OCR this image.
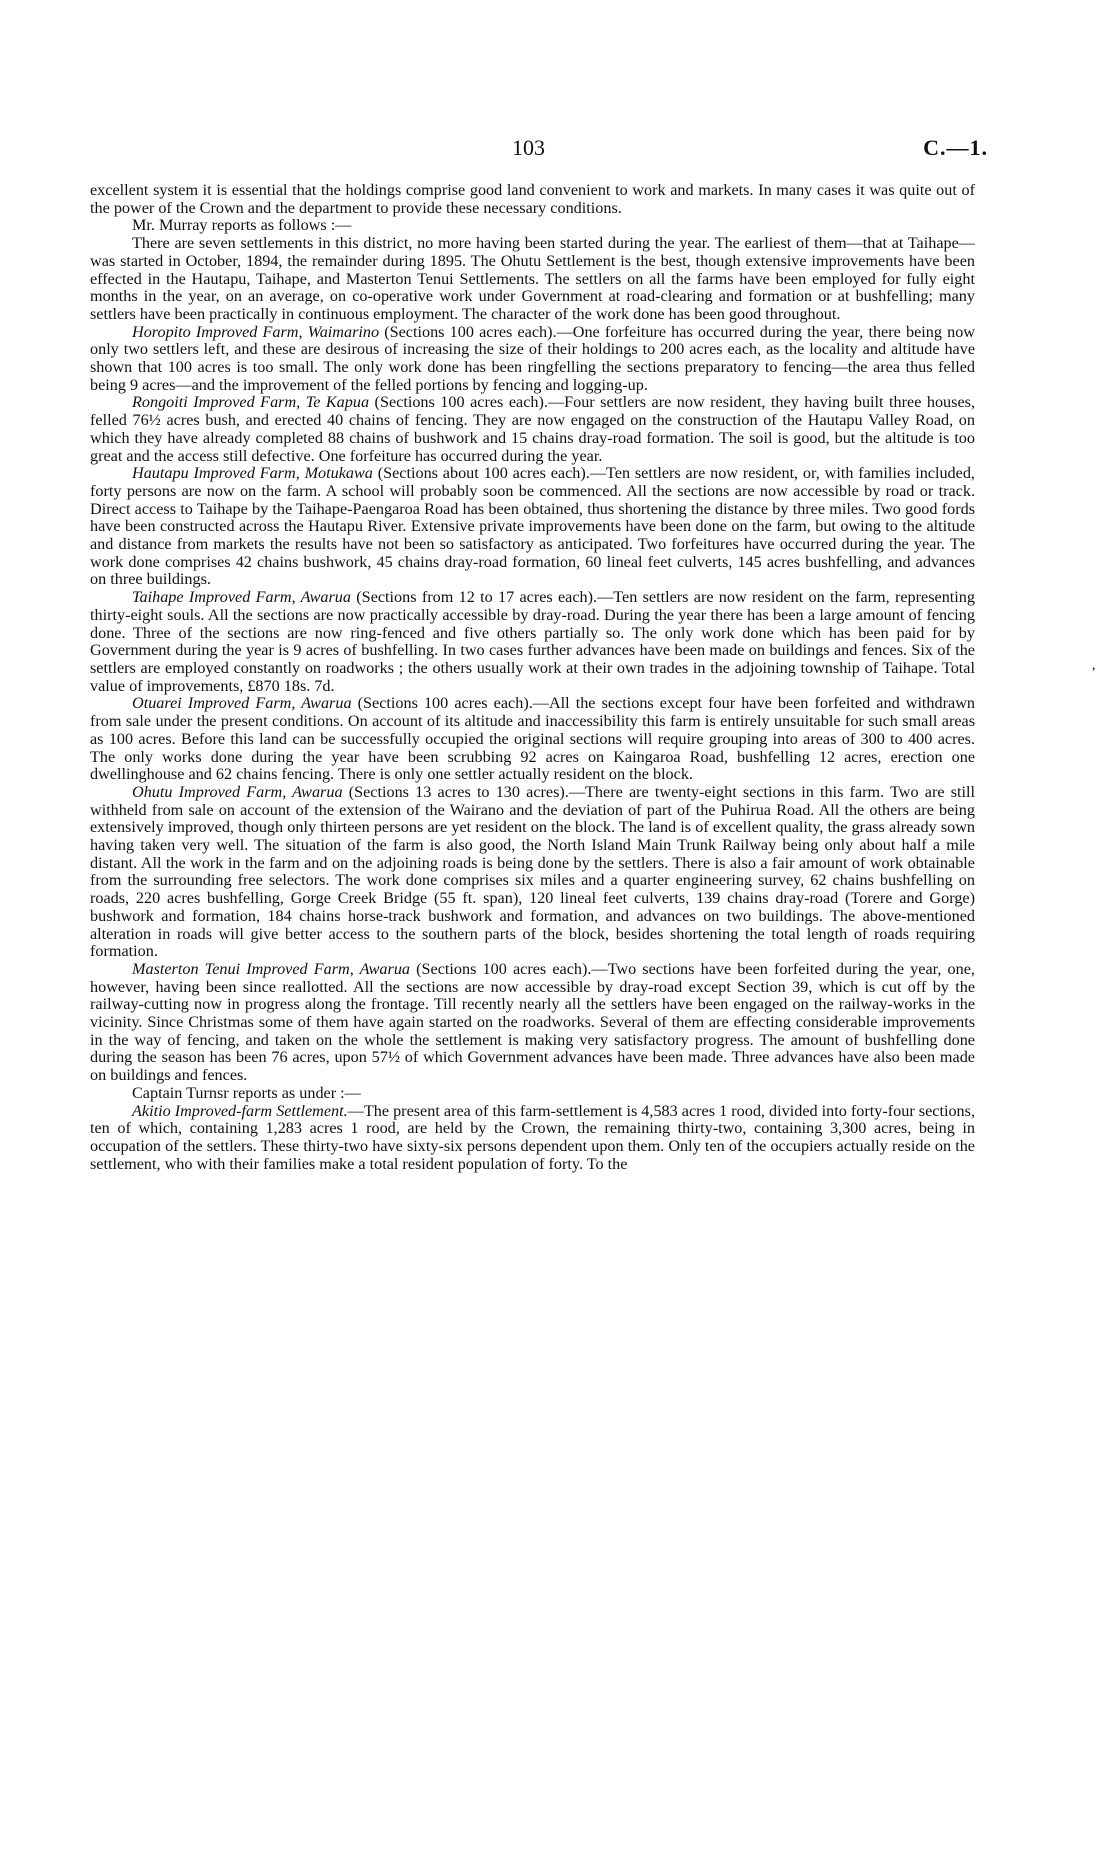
103	C.—1.

excellent system it is essential that the holdings comprise good land convenient to work and markets. In many cases it was quite out of the power of the Crown and the department to provide these necessary conditions.

Mr. Murray reports as follows :—

There are seven settlements in this district, no more having been started during the year. The earliest of them—that at Taihape—was started in October, 1894, the remainder during 1895. The Ohutu Settlement is the best, though extensive improvements have been effected in the Hautapu, Taihape, and Masterton Tenui Settlements. The settlers on all the farms have been employed for fully eight months in the year, on an average, on co-operative work under Government at road-clearing and formation or at bushfelling; many settlers have been practically in continuous employment. The character of the work done has been good throughout.

Horopito Improved Farm, Waimarino (Sections 100 acres each).—One forfeiture has occurred during the year, there being now only two settlers left, and these are desirous of increasing the size of their holdings to 200 acres each, as the locality and altitude have shown that 100 acres is too small. The only work done has been ringfelling the sections preparatory to fencing—the area thus felled being 9 acres—and the improvement of the felled portions by fencing and logging-up.

Rongoiti Improved Farm, Te Kapua (Sections 100 acres each).—Four settlers are now resident, they having built three houses, felled 76½ acres bush, and erected 40 chains of fencing. They are now engaged on the construction of the Hautapu Valley Road, on which they have already completed 88 chains of bushwork and 15 chains dray-road formation. The soil is good, but the altitude is too great and the access still defective. One forfeiture has occurred during the year.

Hautapu Improved Farm, Motukawa (Sections about 100 acres each).—Ten settlers are now resident, or, with families included, forty persons are now on the farm. A school will probably soon be commenced. All the sections are now accessible by road or track. Direct access to Taihape by the Taihape-Paengaroa Road has been obtained, thus shortening the distance by three miles. Two good fords have been constructed across the Hautapu River. Extensive private improvements have been done on the farm, but owing to the altitude and distance from markets the results have not been so satisfactory as anticipated. Two forfeitures have occurred during the year. The work done comprises 42 chains bushwork, 45 chains dray-road formation, 60 lineal feet culverts, 145 acres bushfelling, and advances on three buildings.

Taihape Improved Farm, Awarua (Sections from 12 to 17 acres each).—Ten settlers are now resident on the farm, representing thirty-eight souls. All the sections are now practically accessible by dray-road. During the year there has been a large amount of fencing done. Three of the sections are now ring-fenced and five others partially so. The only work done which has been paid for by Government during the year is 9 acres of bushfelling. In two cases further advances have been made on buildings and fences. Six of the settlers are employed constantly on roadworks ; the others usually work at their own trades in the adjoining township of Taihape. Total value of improvements, £870 18s. 7d.

Otuarei Improved Farm, Awarua (Sections 100 acres each).—All the sections except four have been forfeited and withdrawn from sale under the present conditions. On account of its altitude and inaccessibility this farm is entirely unsuitable for such small areas as 100 acres. Before this land can be successfully occupied the original sections will require grouping into areas of 300 to 400 acres. The only works done during the year have been scrubbing 92 acres on Kaingaroa Road, bushfelling 12 acres, erection one dwellinghouse and 62 chains fencing. There is only one settler actually resident on the block.

Ohutu Improved Farm, Awarua (Sections 13 acres to 130 acres).—There are twenty-eight sections in this farm. Two are still withheld from sale on account of the extension of the Wairano and the deviation of part of the Puhirua Road. All the others are being extensively improved, though only thirteen persons are yet resident on the block. The land is of excellent quality, the grass already sown having taken very well. The situation of the farm is also good, the North Island Main Trunk Railway being only about half a mile distant. All the work in the farm and on the adjoining roads is being done by the settlers. There is also a fair amount of work obtainable from the surrounding free selectors. The work done comprises six miles and a quarter engineering survey, 62 chains bushfelling on roads, 220 acres bushfelling, Gorge Creek Bridge (55 ft. span), 120 lineal feet culverts, 139 chains dray-road (Torere and Gorge) bushwork and formation, 184 chains horse-track bushwork and formation, and advances on two buildings. The above-mentioned alteration in roads will give better access to the southern parts of the block, besides shortening the total length of roads requiring formation.

Masterton Tenui Improved Farm, Awarua (Sections 100 acres each).—Two sections have been forfeited during the year, one, however, having been since reallotted. All the sections are now accessible by dray-road except Section 39, which is cut off by the railway-cutting now in progress along the frontage. Till recently nearly all the settlers have been engaged on the railway-works in the vicinity. Since Christmas some of them have again started on the roadworks. Several of them are effecting considerable improvements in the way of fencing, and taken on the whole the settlement is making very satisfactory progress. The amount of bushfelling done during the season has been 76 acres, upon 57½ of which Government advances have been made. Three advances have also been made on buildings and fences.

Captain Turnsr reports as under :—

Akitio Improved-farm Settlement.—The present area of this farm-settlement is 4,583 acres 1 rood, divided into forty-four sections, ten of which, containing 1,283 acres 1 rood, are held by the Crown, the remaining thirty-two, containing 3,300 acres, being in occupation of the settlers. These thirty-two have sixty-six persons dependent upon them. Only ten of the occupiers actually reside on the settlement, who with their families make a total resident population of forty. To the

,
